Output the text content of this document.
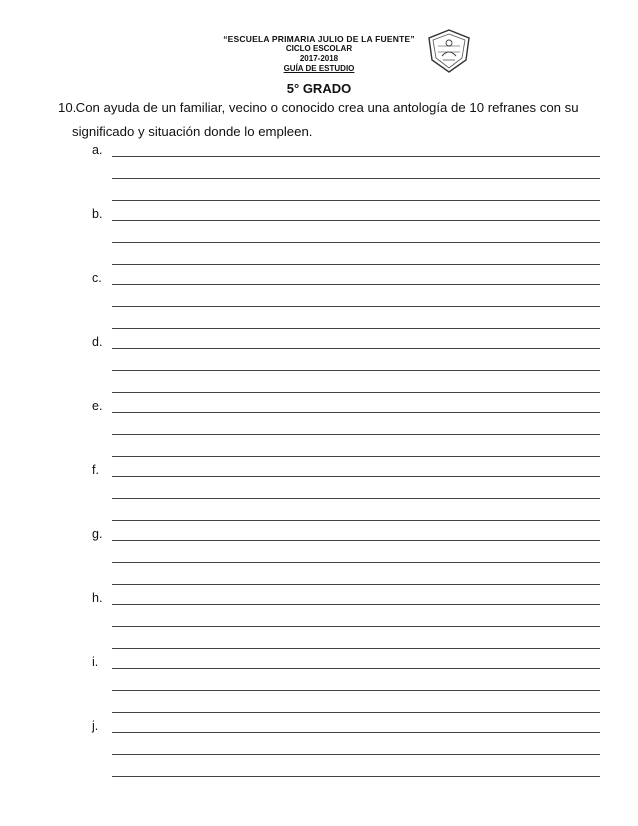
“ESCUELA PRIMARIA JULIO DE LA FUENTE”
CICLO ESCOLAR
2017-2018
GUÍA DE ESTUDIO
5° GRADO
10. Con ayuda de un familiar, vecino o conocido crea una antología de 10 refranes con su
significado y situación donde lo empleen.
a.
b.
c.
d.
e.
f.
g.
h.
i.
j.
